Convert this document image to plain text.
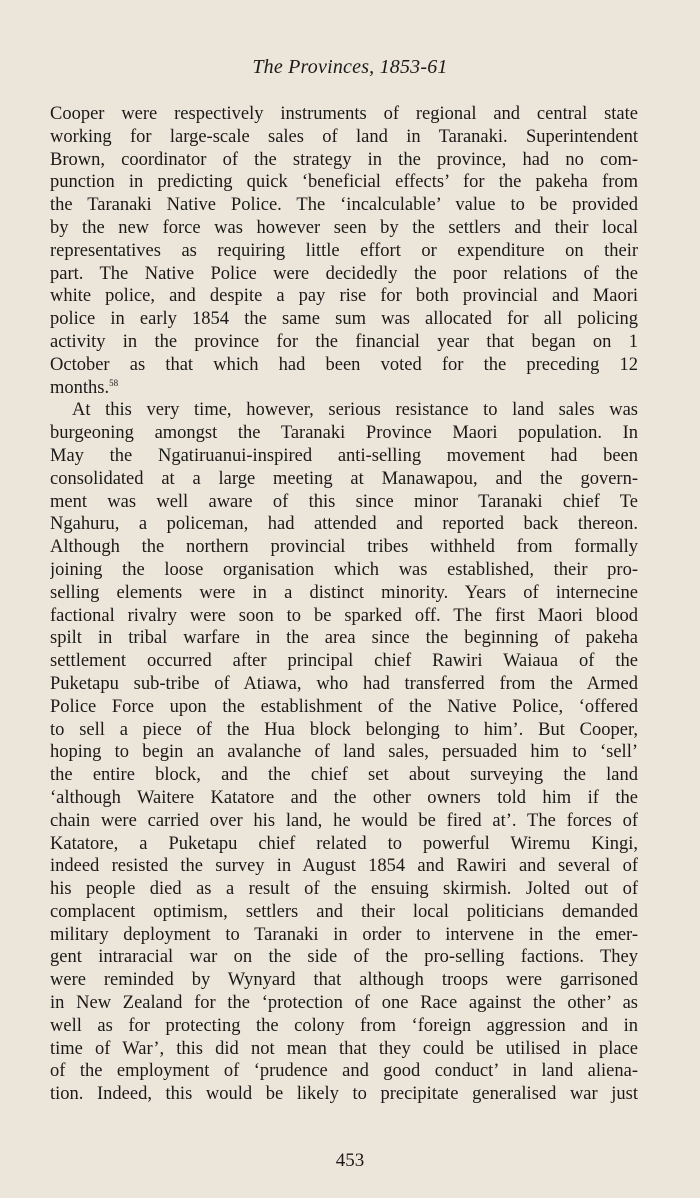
The Provinces, 1853-61
Cooper were respectively instruments of regional and central state
working for large-scale sales of land in Taranaki. Superintendent
Brown, coordinator of the strategy in the province, had no com-
punction in predicting quick ‘beneficial effects’ for the pakeha from
the Taranaki Native Police. The ‘incalculable’ value to be provided
by the new force was however seen by the settlers and their local
representatives as requiring little effort or expenditure on their
part. The Native Police were decidedly the poor relations of the
white police, and despite a pay rise for both provincial and Maori
police in early 1854 the same sum was allocated for all policing
activity in the province for the financial year that began on 1
October as that which had been voted for the preceding 12
months.$^{58}$
At this very time, however, serious resistance to land sales was
burgeoning amongst the Taranaki Province Maori population. In
May the Ngatiruanui-inspired anti-selling movement had been
consolidated at a large meeting at Manawapou, and the govern-
ment was well aware of this since minor Taranaki chief Te
Ngahuru, a policeman, had attended and reported back thereon.
Although the northern provincial tribes withheld from formally
joining the loose organisation which was established, their pro-
selling elements were in a distinct minority. Years of internecine
factional rivalry were soon to be sparked off. The first Maori blood
spilt in tribal warfare in the area since the beginning of pakeha
settlement occurred after principal chief Rawiri Waiaua of the
Puketapu sub-tribe of Atiawa, who had transferred from the Armed
Police Force upon the establishment of the Native Police, ‘offered
to sell a piece of the Hua block belonging to him’. But Cooper,
hoping to begin an avalanche of land sales, persuaded him to ‘sell’
the entire block, and the chief set about surveying the land
‘although Waitere Katatore and the other owners told him if the
chain were carried over his land, he would be fired at’. The forces of
Katatore, a Puketapu chief related to powerful Wiremu Kingi,
indeed resisted the survey in August 1854 and Rawiri and several of
his people died as a result of the ensuing skirmish. Jolted out of
complacent optimism, settlers and their local politicians demanded
military deployment to Taranaki in order to intervene in the emer-
gent intraracial war on the side of the pro-selling factions. They
were reminded by Wynyard that although troops were garrisoned
in New Zealand for the ‘protection of one Race against the other’ as
well as for protecting the colony from ‘foreign aggression and in
time of War’, this did not mean that they could be utilised in place
of the employment of ‘prudence and good conduct’ in land aliena-
tion. Indeed, this would be likely to precipitate generalised war just
453
